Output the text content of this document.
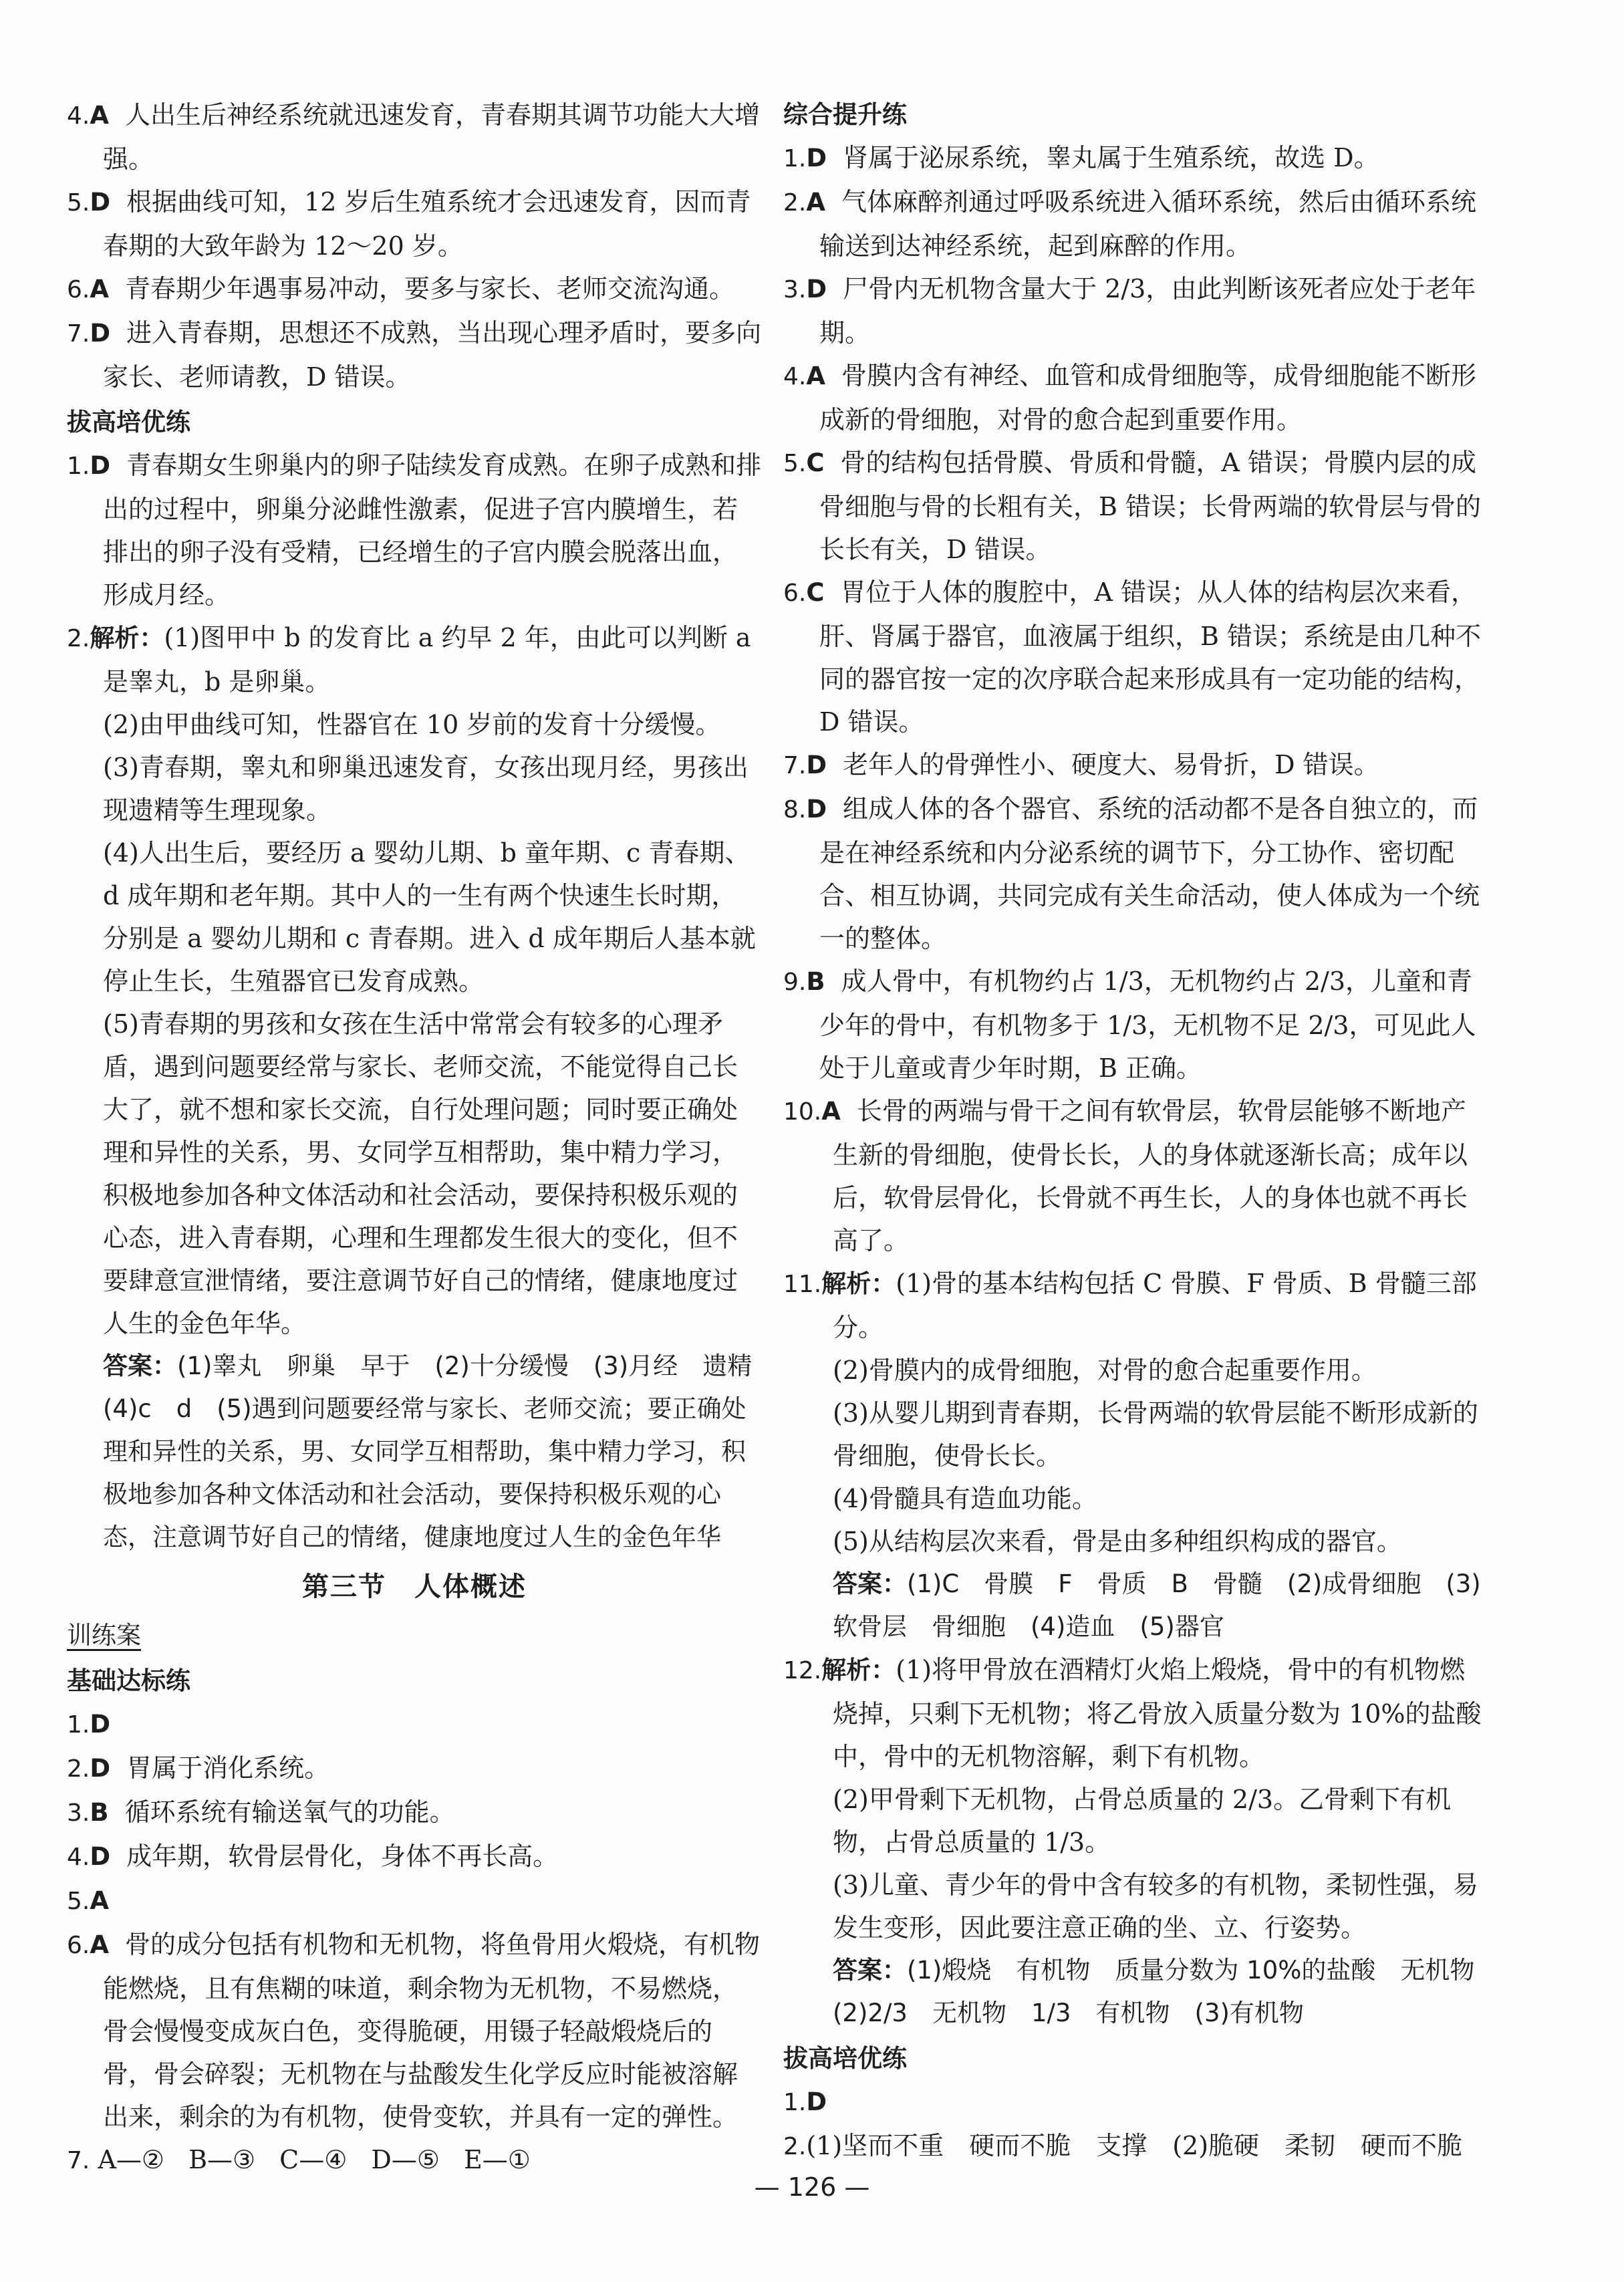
4.A 人出生后神经系统就迅速发育，青春期其调节功能大大增强。
5.D 根据曲线可知，12 岁后生殖系统才会迅速发育，因而青春期的大致年龄为 12～20 岁。
6.A 青春期少年遇事易冲动，要多与家长、老师交流沟通。
7.D 进入青春期，思想还不成熟，当出现心理矛盾时，要多向家长、老师请教，D 错误。
拔高培优练
1.D 青春期女生卵巢内的卵子陆续发育成熟。在卵子成熟和排出的过程中，卵巢分泌雌性激素，促进子宫内膜增生，若排出的卵子没有受精，已经增生的子宫内膜会脱落出血，形成月经。
2.解析：(1)图甲中 b 的发育比 a 约早 2 年，由此可以判断 a 是睾丸，b 是卵巢。
(2)由甲曲线可知，性器官在 10 岁前的发育十分缓慢。
(3)青春期，睾丸和卵巢迅速发育，女孩出现月经，男孩出现遗精等生理现象。
(4)人出生后，要经历 a 婴幼儿期、b 童年期、c 青春期、d 成年期和老年期。其中人的一生有两个快速生长时期，分别是 a 婴幼儿期和 c 青春期。进入 d 成年期后人基本就停止生长，生殖器官已发育成熟。
(5)青春期的男孩和女孩在生活中常常会有较多的心理矛盾，遇到问题要经常与家长、老师交流，不能觉得自己长大了，就不想和家长交流，自行处理问题；同时要正确处理和异性的关系，男、女同学互相帮助，集中精力学习，积极地参加各种文体活动和社会活动，要保持积极乐观的心态，进入青春期，心理和生理都发生很大的变化，但不要肆意宣泄情绪，要注意调节好自己的情绪，健康地度过人生的金色年华。
答案：(1)睾丸　卵巢　早于　(2)十分缓慢　(3)月经　遗精　(4)c　d　(5)遇到问题要经常与家长、老师交流；要正确处理和异性的关系，男、女同学互相帮助，集中精力学习，积极地参加各种文体活动和社会活动，要保持积极乐观的心态，注意调节好自己的情绪，健康地度过人生的金色年华
第三节　人体概述
训练案
基础达标练
1.D
2.D 胃属于消化系统。
3.B 循环系统有输送氧气的功能。
4.D 成年期，软骨层骨化，身体不再长高。
5.A
6.A 骨的成分包括有机物和无机物，将鱼骨用火煅烧，有机物能燃烧，且有焦糊的味道，剩余物为无机物，不易燃烧，骨会慢慢变成灰白色，变得脆硬，用镊子轻敲煅烧后的骨，骨会碎裂；无机物在与盐酸发生化学反应时能被溶解出来，剩余的为有机物，使骨变软，并具有一定的弹性。
7. A—② B—③ C—④ D—⑤ E—①
综合提升练
1.D 肾属于泌尿系统，睾丸属于生殖系统，故选 D。
2.A 气体麻醉剂通过呼吸系统进入循环系统，然后由循环系统输送到达神经系统，起到麻醉的作用。
3.D 尸骨内无机物含量大于 2/3，由此判断该死者应处于老年期。
4.A 骨膜内含有神经、血管和成骨细胞等，成骨细胞能不断形成新的骨细胞，对骨的愈合起到重要作用。
5.C 骨的结构包括骨膜、骨质和骨髓，A 错误；骨膜内层的成骨细胞与骨的长粗有关，B 错误；长骨两端的软骨层与骨的长长有关，D 错误。
6.C 胃位于人体的腹腔中，A 错误；从人体的结构层次来看，肝、肾属于器官，血液属于组织，B 错误；系统是由几种不同的器官按一定的次序联合起来形成具有一定功能的结构，D 错误。
7.D 老年人的骨弹性小、硬度大、易骨折，D 错误。
8.D 组成人体的各个器官、系统的活动都不是各自独立的，而是在神经系统和内分泌系统的调节下，分工协作、密切配合、相互协调，共同完成有关生命活动，使人体成为一个统一的整体。
9.B 成人骨中，有机物约占 1/3，无机物约占 2/3，儿童和青少年的骨中，有机物多于 1/3，无机物不足 2/3，可见此人处于儿童或青少年时期，B 正确。
10.A 长骨的两端与骨干之间有软骨层，软骨层能够不断地产生新的骨细胞，使骨长长，人的身体就逐渐长高；成年以后，软骨层骨化，长骨就不再生长，人的身体也就不再长高了。
11.解析：(1)骨的基本结构包括 C 骨膜、F 骨质、B 骨髓三部分。
(2)骨膜内的成骨细胞，对骨的愈合起重要作用。
(3)从婴儿期到青春期，长骨两端的软骨层能不断形成新的骨细胞，使骨长长。
(4)骨髓具有造血功能。
(5)从结构层次来看，骨是由多种组织构成的器官。
答案：(1)C　骨膜　F　骨质　B　骨髓　(2)成骨细胞　(3)软骨层　骨细胞　(4)造血　(5)器官
12.解析：(1)将甲骨放在酒精灯火焰上煅烧，骨中的有机物燃烧掉，只剩下无机物；将乙骨放入质量分数为 10%的盐酸中，骨中的无机物溶解，剩下有机物。
(2)甲骨剩下无机物，占骨总质量的 2/3。乙骨剩下有机物，占骨总质量的 1/3。
(3)儿童、青少年的骨中含有较多的有机物，柔韧性强，易发生变形，因此要注意正确的坐、立、行姿势。
答案：(1)煅烧　有机物　质量分数为 10%的盐酸　无机物　(2)2/3　无机物　1/3　有机物　(3)有机物
拔高培优练
1.D
2.(1)坚而不重　硬而不脆　支撑　(2)脆硬　柔韧　硬而不脆
— 126 —
